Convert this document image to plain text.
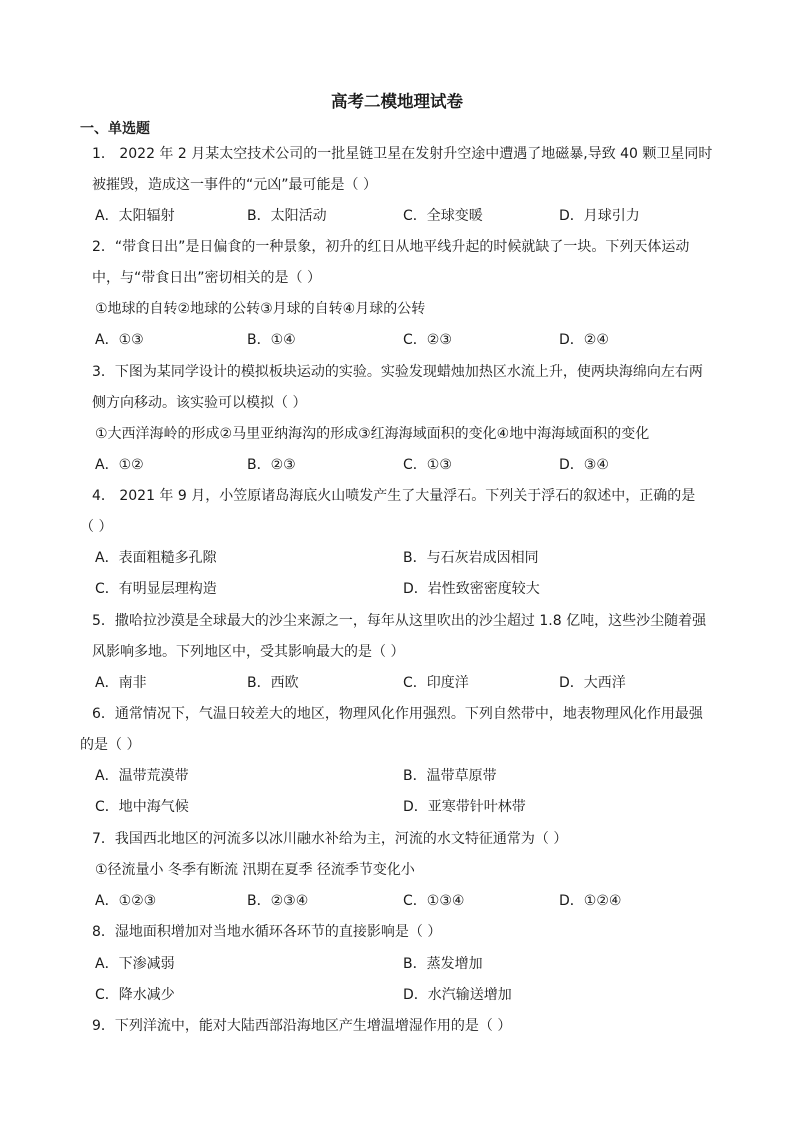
高考二模地理试卷
一、单选题
1． 2022 年 2 月某太空技术公司的一批星链卫星在发射升空途中遭遇了地磁暴,导致 40 颗卫星同时
被摧毁，造成这一事件的“元凶”最可能是（ ）
A．太阳辐射	B．太阳活动	C．全球变暖	D．月球引力
2．“带食日出”是日偏食的一种景象，初升的红日从地平线升起的时候就缺了一块。下列天体运动
中，与“带食日出”密切相关的是（ ）
①地球的自转②地球的公转③月球的自转④月球的公转
A．①③	B．①④	C．②③	D．②④
3．下图为某同学设计的模拟板块运动的实验。实验发现蜡烛加热区水流上升，使两块海绵向左右两
侧方向移动。该实验可以模拟（ ）
①大西洋海岭的形成②马里亚纳海沟的形成③红海海域面积的变化④地中海海域面积的变化
A．①②	B．②③	C．①③	D．③④
4． 2021 年 9 月，小笠原诸岛海底火山喷发产生了大量浮石。下列关于浮石的叙述中，正确的是
（ ）
A．表面粗糙多孔隙	B．与石灰岩成因相同
C．有明显层理构造	D．岩性致密密度较大
5．撒哈拉沙漠是全球最大的沙尘来源之一，每年从这里吹出的沙尘超过 1.8 亿吨，这些沙尘随着强
风影响多地。下列地区中，受其影响最大的是（ ）
A．南非	B．西欧	C．印度洋	D．大西洋
6．通常情况下，气温日较差大的地区，物理风化作用强烈。下列自然带中，地表物理风化作用最强
的是（ ）
A．温带荒漠带	B．温带草原带
C．地中海气候	D．亚寒带针叶林带
7．我国西北地区的河流多以冰川融水补给为主，河流的水文特征通常为（ ）
①径流量小 冬季有断流 汛期在夏季 径流季节变化小
A．①②③	B．②③④	C．①③④	D．①②④
8．湿地面积增加对当地水循环各环节的直接影响是（ ）
A．下渗减弱	B．蒸发增加
C．降水减少	D．水汽输送增加
9．下列洋流中，能对大陆西部沿海地区产生增温增湿作用的是（ ）
